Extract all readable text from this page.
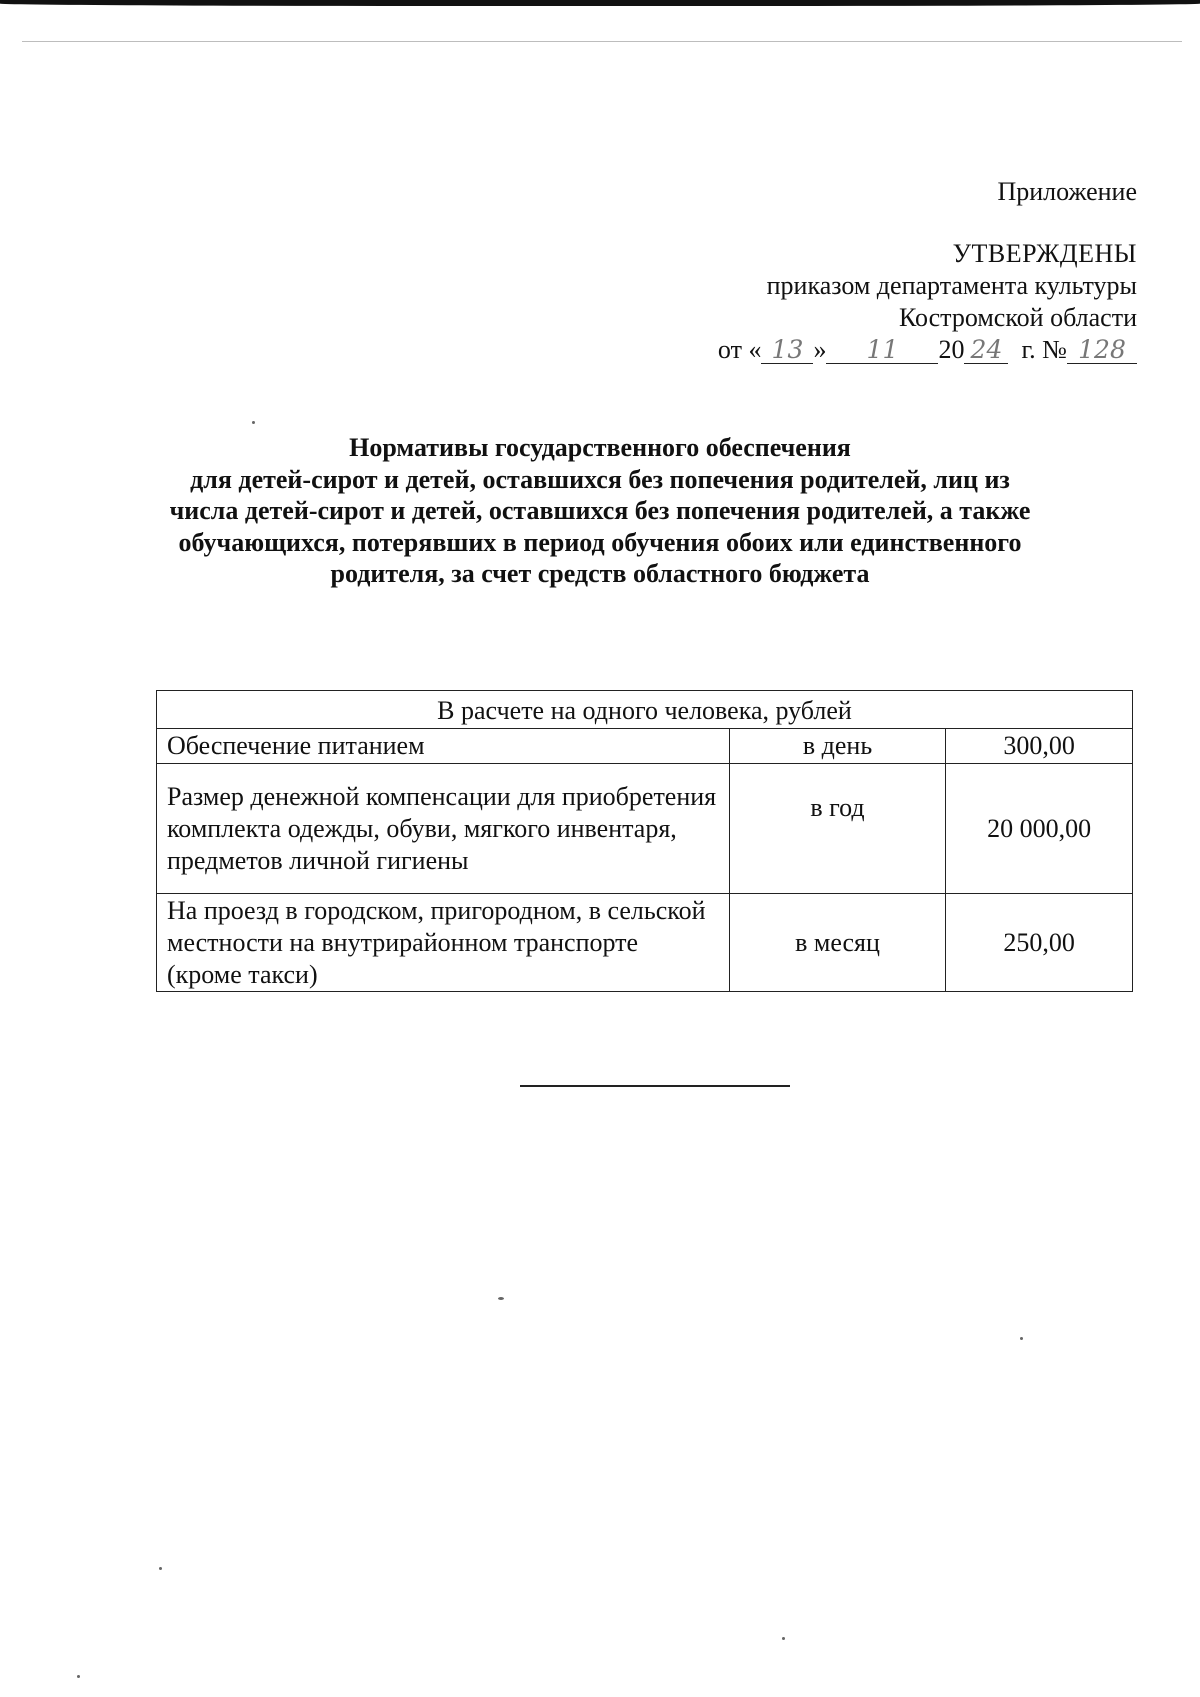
Приложение
УТВЕРЖДЕНЫ
приказом департамента культуры
Костромской области
от « 13 » 11 20 24 г. № 128
Нормативы государственного обеспечения
для детей-сирот и детей, оставшихся без попечения родителей, лиц из
числа детей-сирот и детей, оставшихся без попечения родителей, а также
обучающихся, потерявших в период обучения обоих или единственного
родителя, за счет средств областного бюджета
В расчете на одного человека, рублей		
Обеспечение питанием	в день	300,00
Размер денежной компенсации для приобретения комплекта одежды, обуви, мягкого инвентаря, предметов личной гигиены	в год	20 000,00
На проезд в городском, пригородном, в сельской местности на внутрирайонном транспорте (кроме такси)	в месяц	250,00
